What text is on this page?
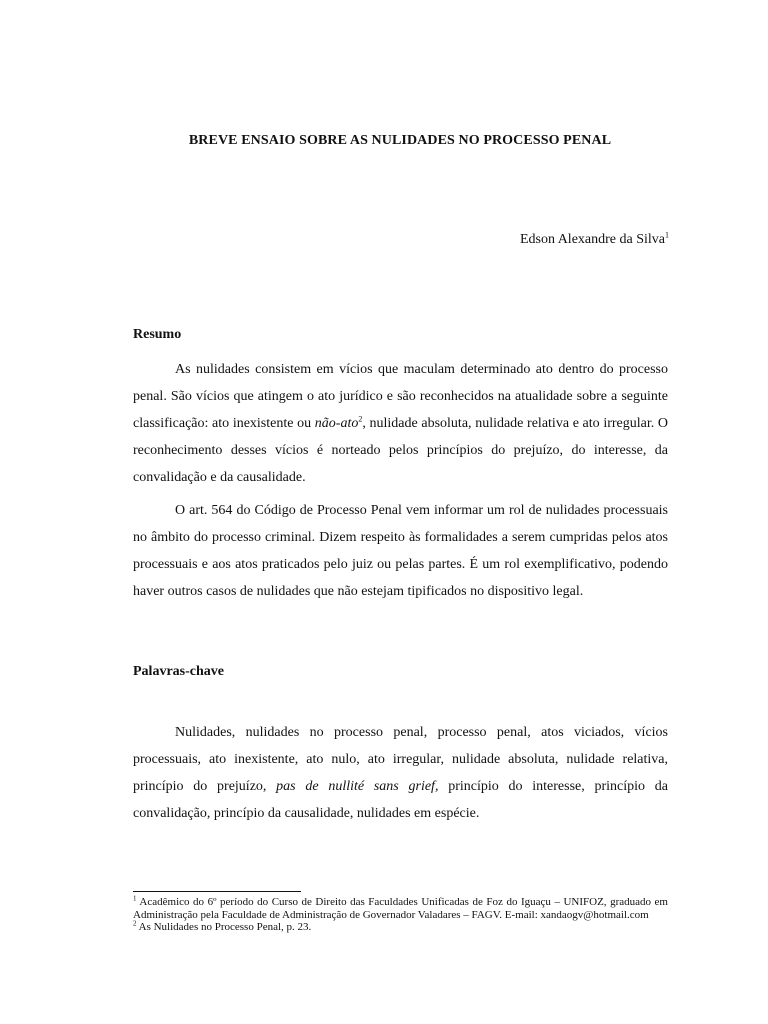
BREVE ENSAIO SOBRE AS NULIDADES NO PROCESSO PENAL
Edson Alexandre da Silva$^1$
Resumo

As nulidades consistem em vícios que maculam determinado ato dentro do processo penal. São vícios que atingem o ato jurídico e são reconhecidos na atualidade sobre a seguinte classificação: ato inexistente ou não-ato$^2$, nulidade absoluta, nulidade relativa e ato irregular. O reconhecimento desses vícios é norteado pelos princípios do prejuízo, do interesse, da convalidação e da causalidade.

O art. 564 do Código de Processo Penal vem informar um rol de nulidades processuais no âmbito do processo criminal. Dizem respeito às formalidades a serem cumpridas pelos atos processuais e aos atos praticados pelo juiz ou pelas partes. É um rol exemplificativo, podendo haver outros casos de nulidades que não estejam tipificados no dispositivo legal.

Palavras-chave

Nulidades, nulidades no processo penal, processo penal, atos viciados, vícios processuais, ato inexistente, ato nulo, ato irregular, nulidade absoluta, nulidade relativa, princípio do prejuízo, pas de nullité sans grief, princípio do interesse, princípio da convalidação, princípio da causalidade, nulidades em espécie.

$^1$ Acadêmico do 6º período do Curso de Direito das Faculdades Unificadas de Foz do Iguaçu – UNIFOZ, graduado em Administração pela Faculdade de Administração de Governador Valadares – FAGV. E-mail: xandaogv@hotmail.com

$^2$ As Nulidades no Processo Penal, p. 23.
